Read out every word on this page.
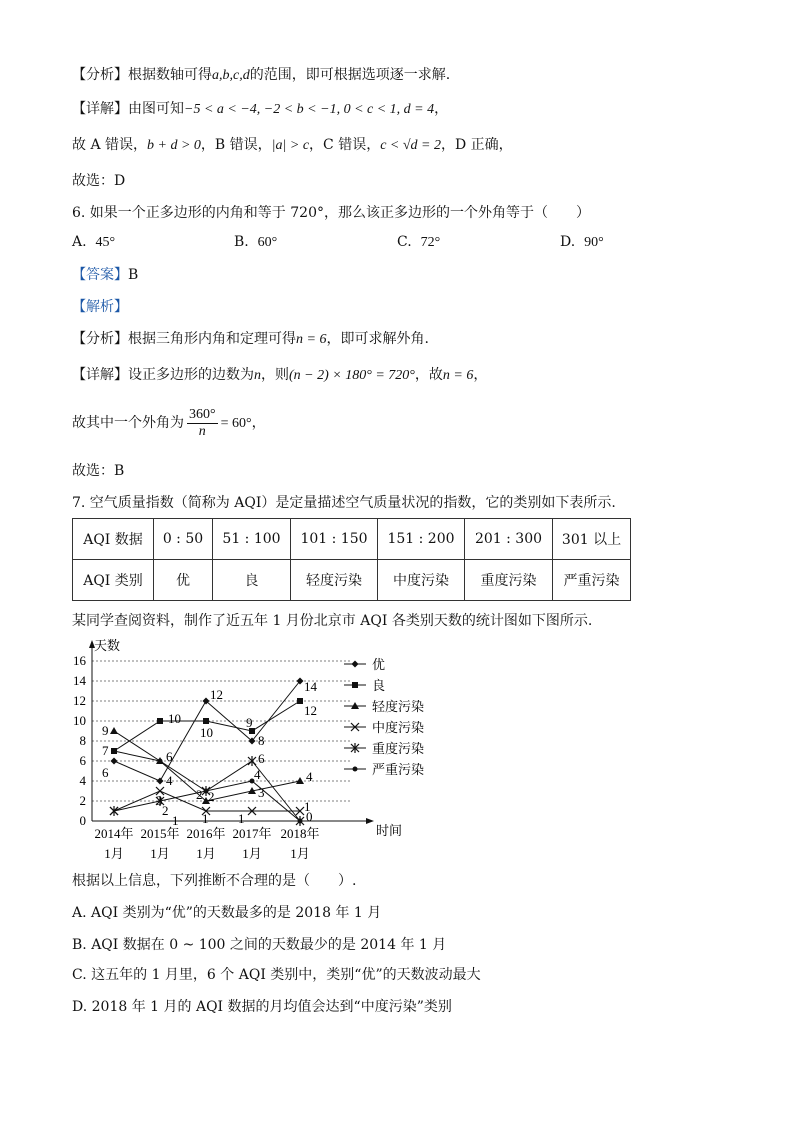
【分析】根据数轴可得a,b,c,d的范围，即可根据选项逐一求解.
【详解】由图可知−5 < a < −4, −2 < b < −1, 0 < c < 1, d = 4，
故 A 错误，b + d > 0，B 错误，|a| > c，C 错误，c < √d = 2，D 正确，
故选：D
6. 如果一个正多边形的内角和等于 720°，那么该正多边形的一个外角等于（　　）
A. 45°	B. 60°	C. 72°	D. 90°
【答案】B
【解析】
【分析】根据三角形内角和定理可得n = 6，即可求解外角.
【详解】设正多边形的边数为n，则(n − 2) × 180° = 720°，故n = 6，
故其中一个外角为 $\frac{360^\circ}{n} = 60^\circ$，
故选：B
7. 空气质量指数（简称为 AQI）是定量描述空气质量状况的指数，它的类别如下表所示.
AQI 数据	0 : 50	51 : 100	101 : 150	151 : 200	201 : 300	301 以上
AQI 类别	优	良	轻度污染	中度污染	重度污染	严重污染
某同学查阅资料，制作了近五年 1 月份北京市 AQI 各类别天数的统计图如下图所示.
0
2
4
6
8
10
12
14
16
天数
时间
2014年
1月
2015年
1月
2016年
1月
2017年
1月
2018年
1月
9
7
6
10
6
4
3
2
1
12
10
2 2
1
9
8
6
4
3
1
14
12
4
1
0
优
良
轻度污染
中度污染
重度污染
严重污染
根据以上信息，下列推断不合理的是（　　）.
A. AQI 类别为“优”的天数最多的是 2018 年 1 月
B. AQI 数据在 0 ~ 100 之间的天数最少的是 2014 年 1 月
C. 这五年的 1 月里，6 个 AQI 类别中，类别“优”的天数波动最大
D. 2018 年 1 月的 AQI 数据的月均值会达到“中度污染”类别
